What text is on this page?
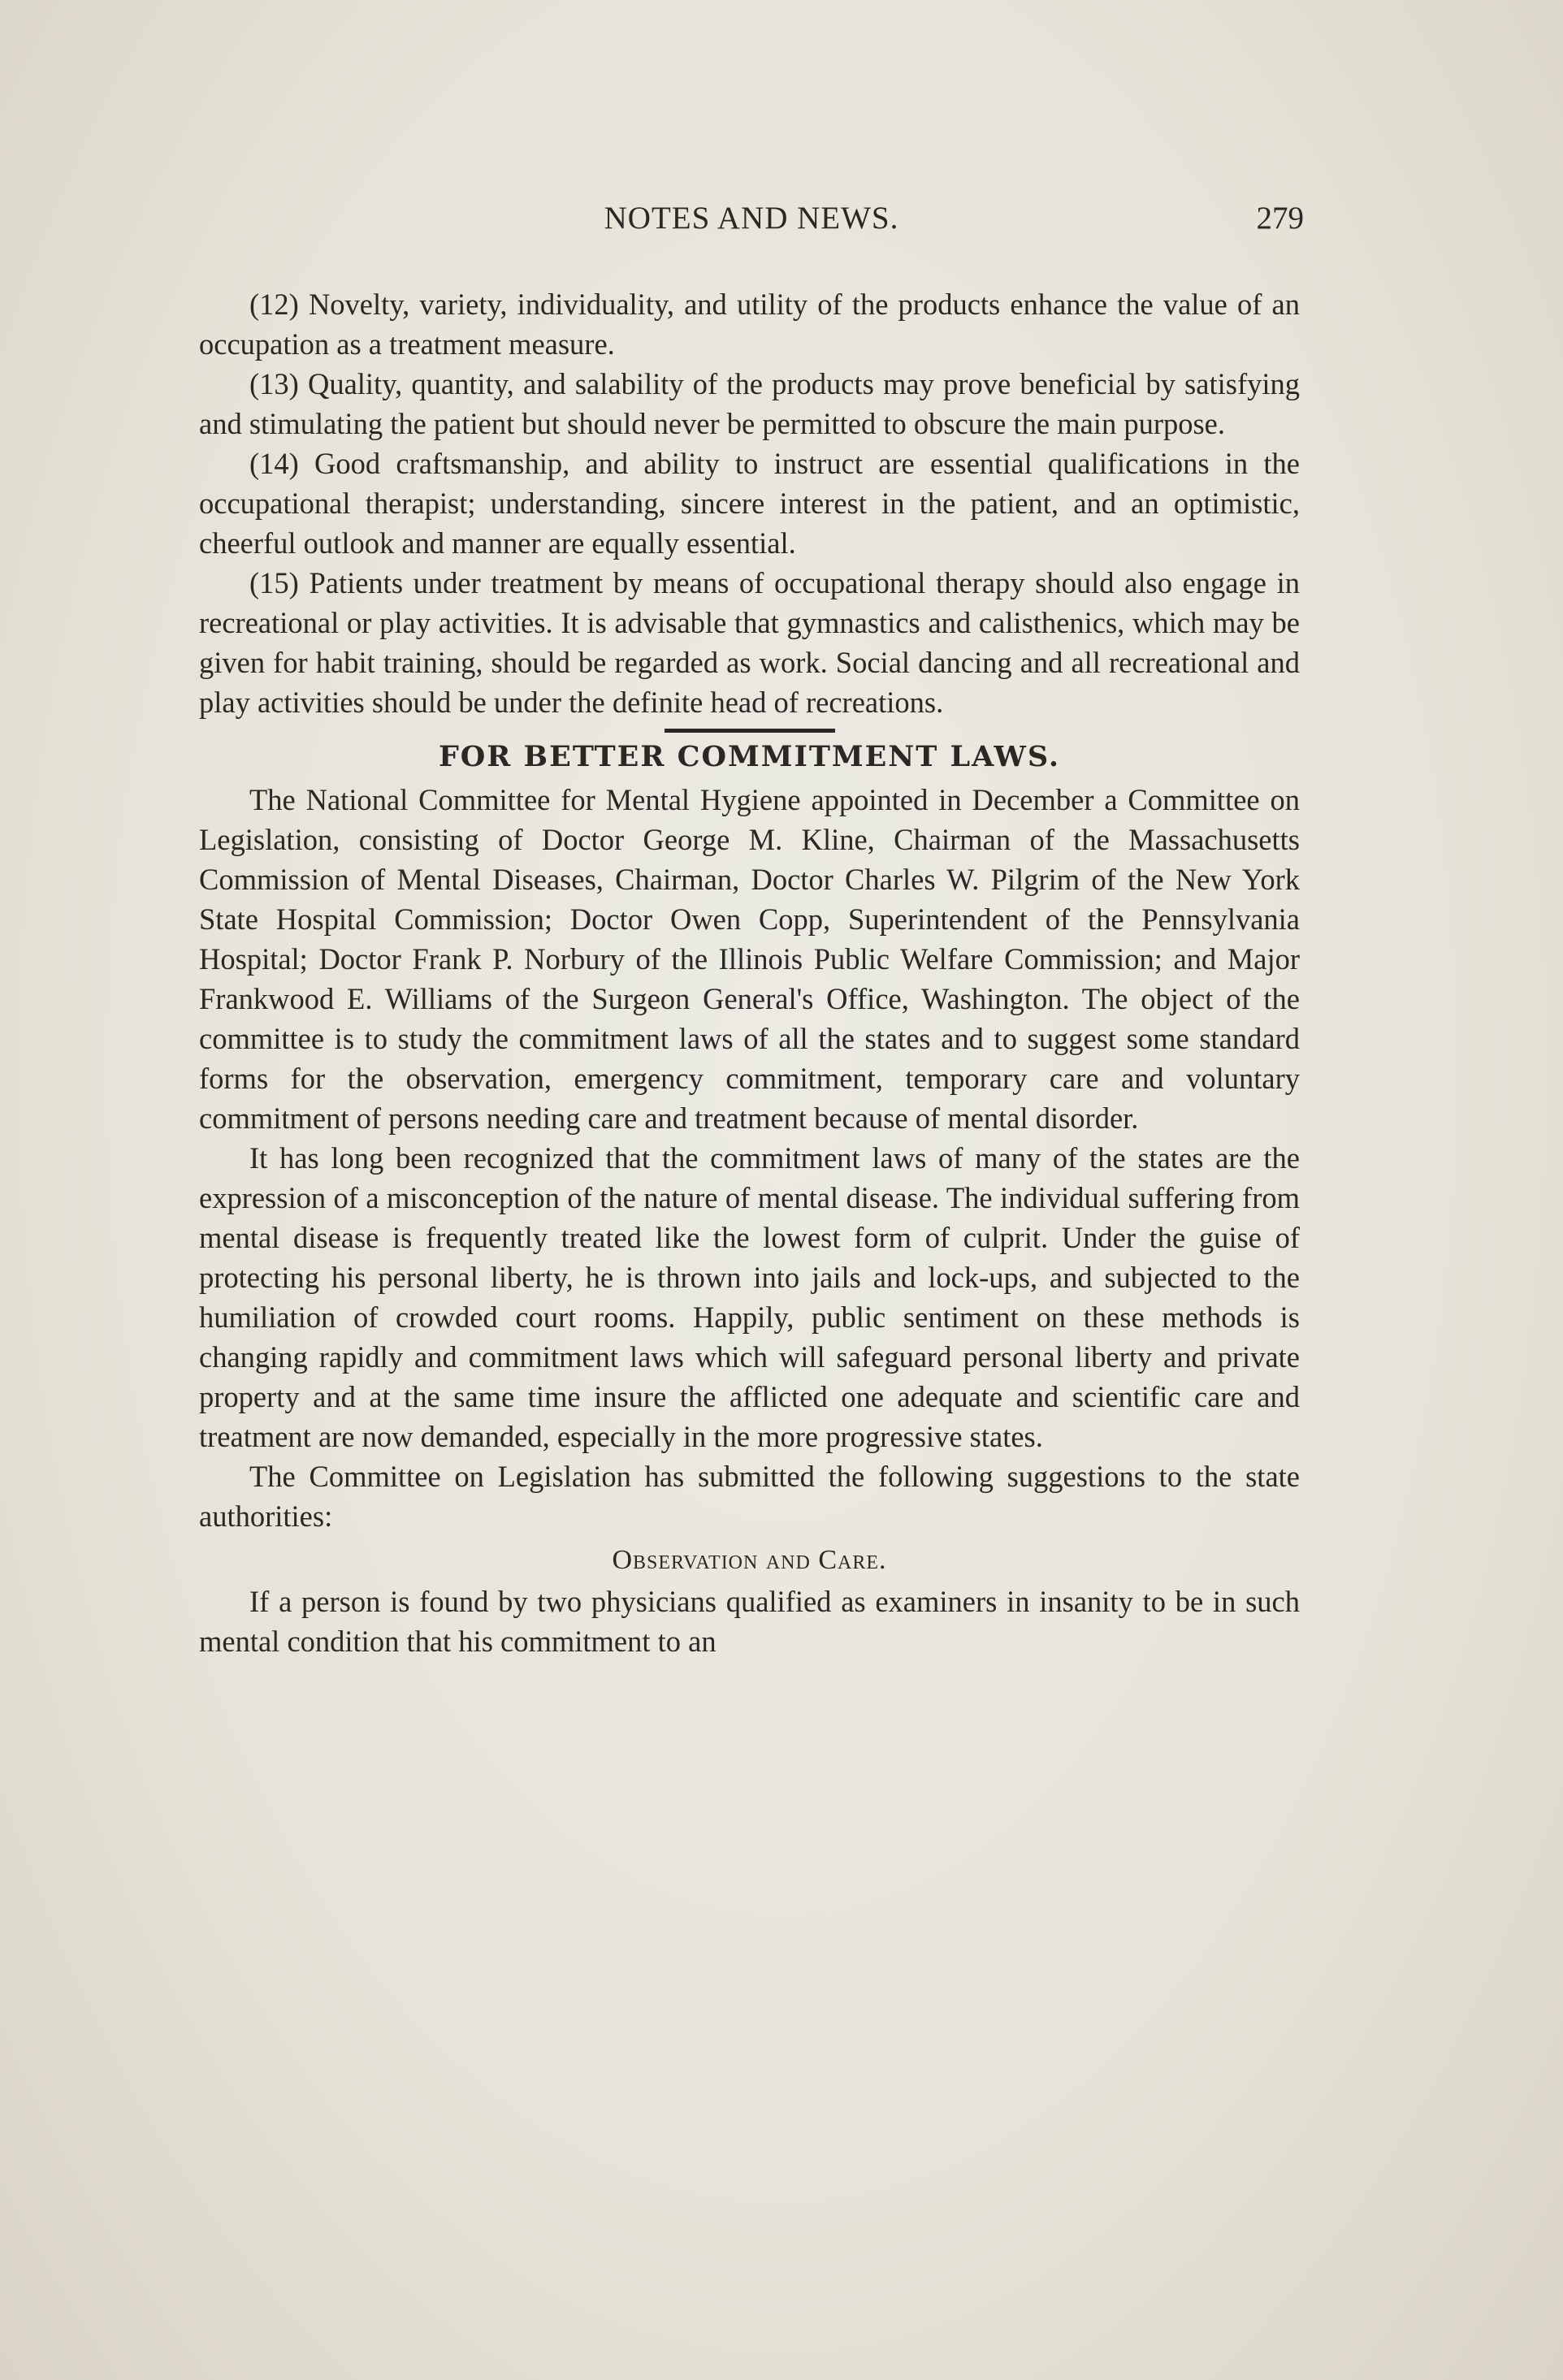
NOTES AND NEWS.	279

(12) Novelty, variety, individuality, and utility of the products enhance the value of an occupation as a treatment measure.

(13) Quality, quantity, and salability of the products may prove beneficial by satisfying and stimulating the patient but should never be permitted to obscure the main purpose.

(14) Good craftsmanship, and ability to instruct are essential qualifications in the occupational therapist; understanding, sincere interest in the patient, and an optimistic, cheerful outlook and manner are equally essential.

(15) Patients under treatment by means of occupational therapy should also engage in recreational or play activities. It is advisable that gymnastics and calisthenics, which may be given for habit training, should be regarded as work. Social dancing and all recreational and play activities should be under the definite head of recreations.

FOR BETTER COMMITMENT LAWS.

The National Committee for Mental Hygiene appointed in December a Committee on Legislation, consisting of Doctor George M. Kline, Chairman of the Massachusetts Commission of Mental Diseases, Chairman, Doctor Charles W. Pilgrim of the New York State Hospital Commission; Doctor Owen Copp, Superintendent of the Pennsylvania Hospital; Doctor Frank P. Norbury of the Illinois Public Welfare Commission; and Major Frankwood E. Williams of the Surgeon General's Office, Washington. The object of the committee is to study the commitment laws of all the states and to suggest some standard forms for the observation, emergency commitment, temporary care and voluntary commitment of persons needing care and treatment because of mental disorder.

It has long been recognized that the commitment laws of many of the states are the expression of a misconception of the nature of mental disease. The individual suffering from mental disease is frequently treated like the lowest form of culprit. Under the guise of protecting his personal liberty, he is thrown into jails and lock-ups, and subjected to the humiliation of crowded court rooms. Happily, public sentiment on these methods is changing rapidly and commitment laws which will safeguard personal liberty and private property and at the same time insure the afflicted one adequate and scientific care and treatment are now demanded, especially in the more progressive states.

The Committee on Legislation has submitted the following suggestions to the state authorities:

Observation and Care.

If a person is found by two physicians qualified as examiners in insanity to be in such mental condition that his commitment to an
